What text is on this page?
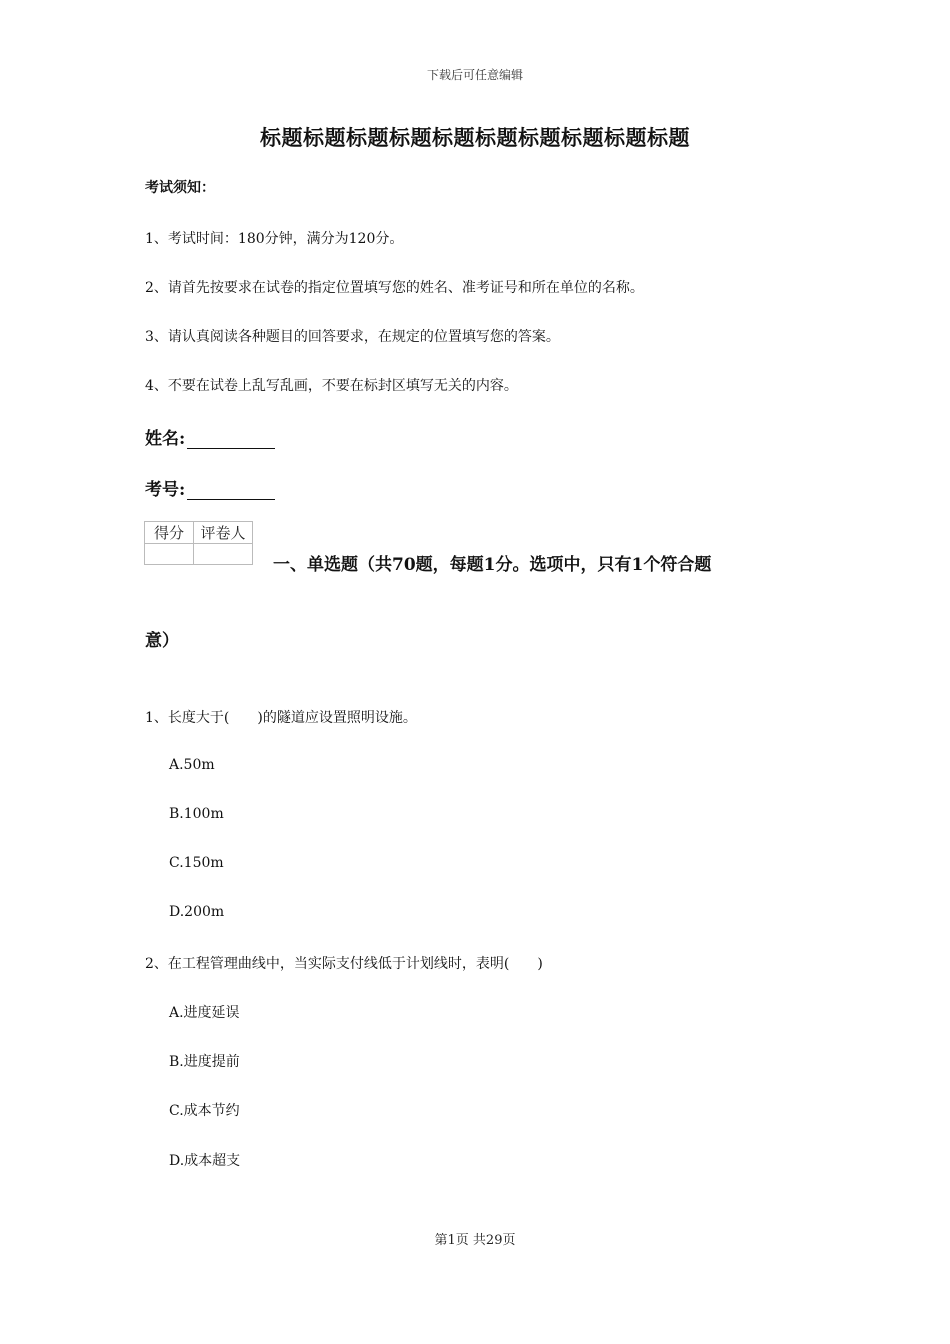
下载后可任意编辑
标题标题标题标题标题标题标题标题标题标题
考试须知：
1、考试时间：180分钟，满分为120分。
2、请首先按要求在试卷的指定位置填写您的姓名、准考证号和所在单位的名称。
3、请认真阅读各种题目的回答要求，在规定的位置填写您的答案。
4、不要在试卷上乱写乱画，不要在标封区填写无关的内容。
姓名:
考号:
得分	评卷人

一、单选题（共70题，每题1分。选项中，只有1个符合题
意）
1、长度大于(　　)的隧道应设置照明设施。
A.50m
B.100m
C.150m
D.200m
2、在工程管理曲线中，当实际支付线低于计划线时，表明(　　)
A.进度延误
B.进度提前
C.成本节约
D.成本超支
第1页 共29页
